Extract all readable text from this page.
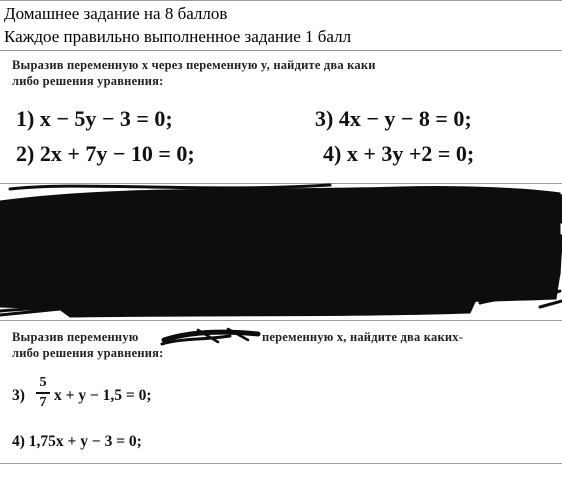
Домашнее задание на 8 баллов
Каждое правильно выполненное задание 1 балл
Выразив переменную x через переменную y, найдите два каки
либо решения уравнения:
1) x − 5y − 3 = 0;	3) 4x − y − 8 = 0;
2) 2x + 7y − 10 = 0;	4) x + 3y +2 = 0;
Выразив переменную	переменную x, найдите два каких-
либо решения уравнения:
3)
5
7 x + y − 1,5 = 0;
4) 1,75x + y − 3 = 0;
